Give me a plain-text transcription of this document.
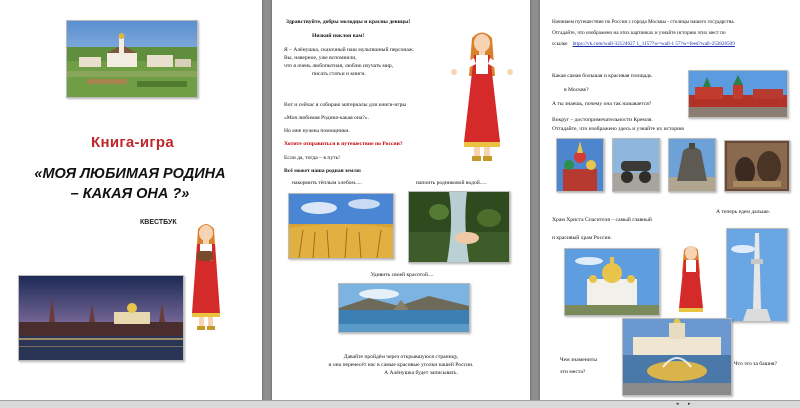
Книга-игра
«МОЯ ЛЮБИМАЯ РОДИНА
– КАКАЯ ОНА ?»
КВЕСТБУК
Здравствуйте, добры молодцы и красны девицы!
Низкий поклон вам!
Я – Алёнушка, сказочный наш мультяшный персонаж.
Вы, наверное, уже вспомнили,
что я очень любопытная, люблю изучать мир,
писать статьи и книги.
Вот и сейчас я собираю материалы для книги-игры
«Моя любимая Родина-какая она?».
Но мне нужны помощники.
Хотите отправиться в путешествие по России?
Если да, тогда – в путь!
Всё может наша родная земля:
накормить тёплым хлебом.....	напоить родниковой водой.....
Удивить своей красотой....
Давайте пройдём через открывшуюся страницу,
и она перенесёт нас в самые красивые уголки нашей России.
А Алёнушка будет записывать.
Начинаем путешествие по России с города Москвы - столицы нашего государства.
Отгадайте, что изображено на этих картинках и узнайте историю этих мест по
ссылке https://vk.com/wall-32124627 1_1157?w=wall-1 57?w=feed?wall-253826509
Какая самая большая и красивая площадь
в Москве?
А ты знаешь, почему она так называется?
Вокруг – достопримечательности Кремля.
Отгадайте, что изображено здесь и узнайте их историю
А теперь едем дальше.
Храм Христа Спасителя – самый главный
и красивый храм России.
Чем знамениты
эти места?
Что это за башня?
◂ ▸
